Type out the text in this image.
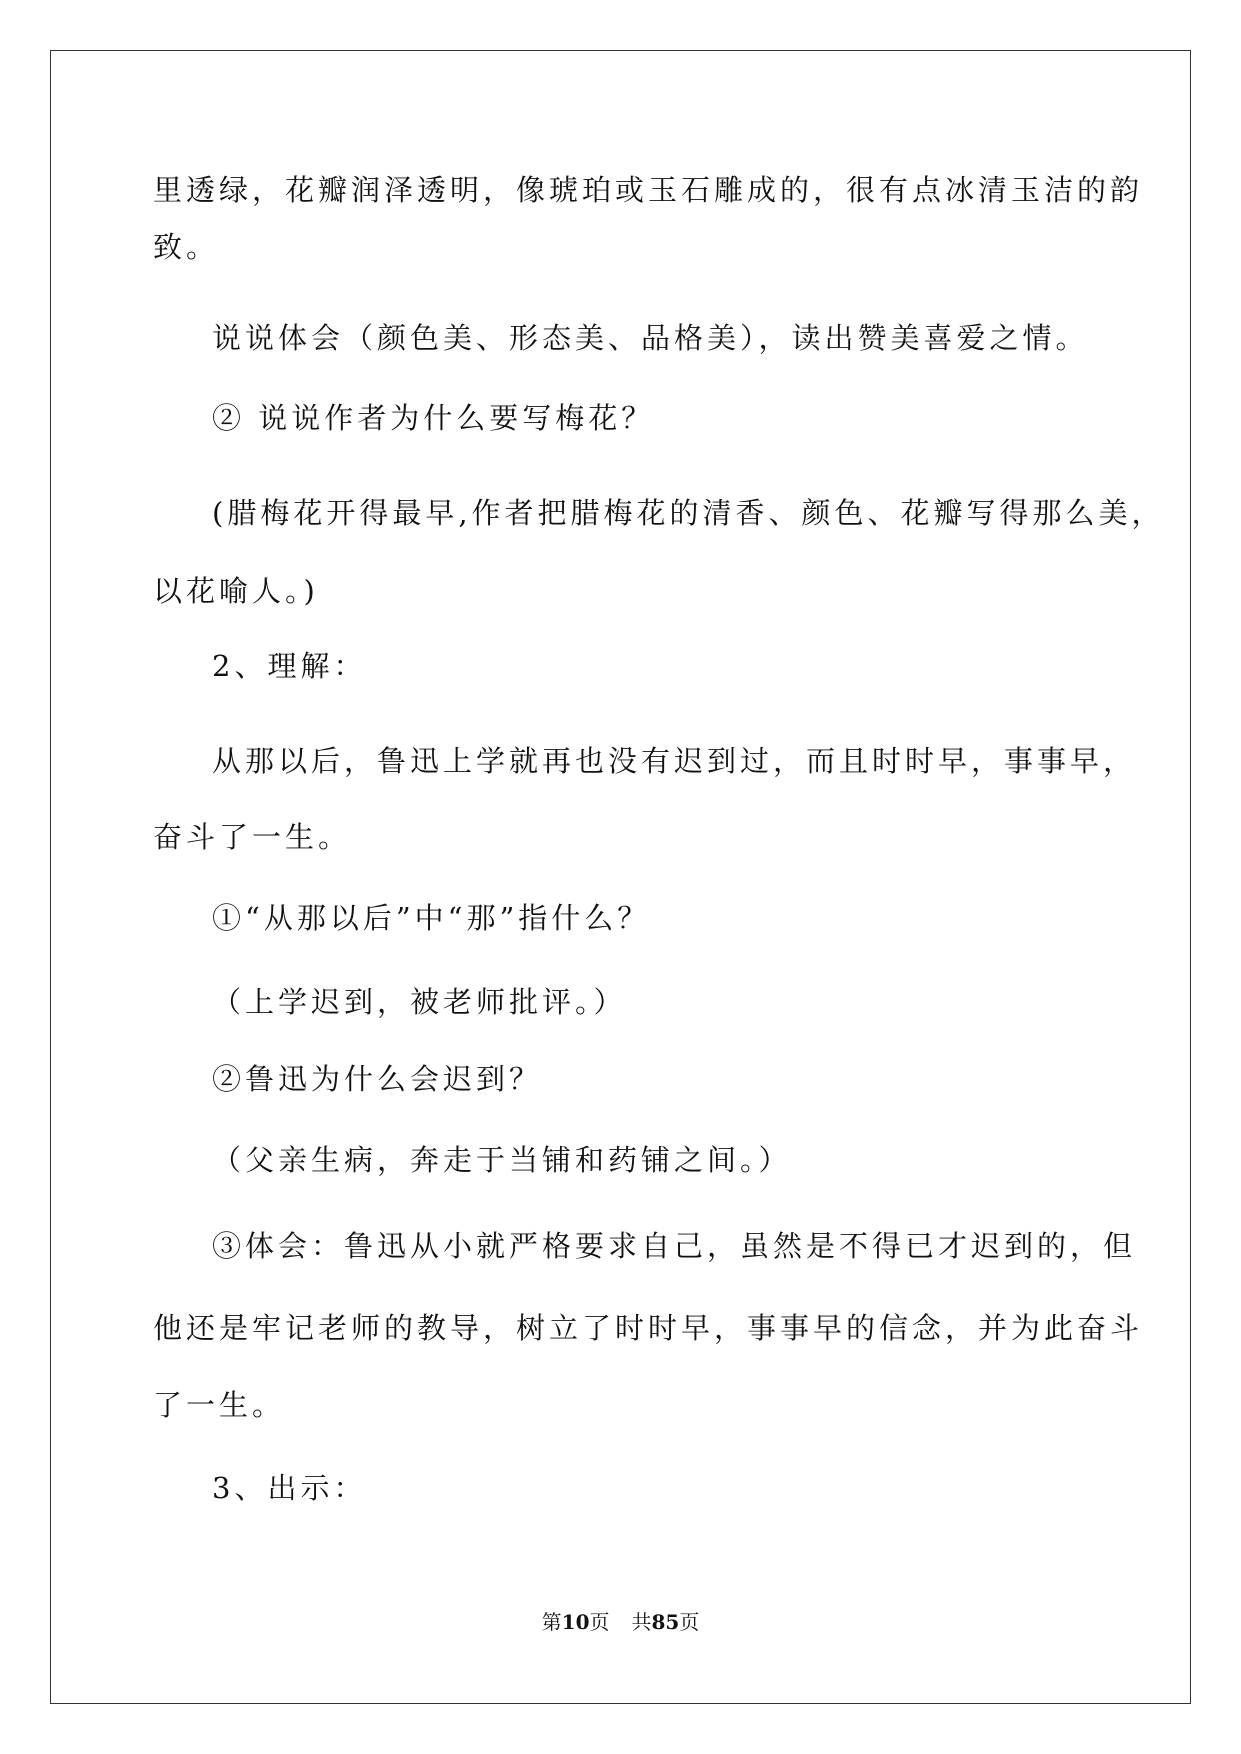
里透绿，花瓣润泽透明，像琥珀或玉石雕成的，很有点冰清玉洁的韵
致。
说说体会（颜色美、形态美、品格美），读出赞美喜爱之情。
② 说说作者为什么要写梅花？
(腊梅花开得最早,作者把腊梅花的清香、颜色、花瓣写得那么美，
以花喻人。)
2、理解：
从那以后，鲁迅上学就再也没有迟到过，而且时时早，事事早，
奋斗了一生。
①“从那以后”中“那”指什么？
（上学迟到，被老师批评。）
②鲁迅为什么会迟到？
（父亲生病，奔走于当铺和药铺之间。）
③体会：鲁迅从小就严格要求自己，虽然是不得已才迟到的，但
他还是牢记老师的教导，树立了时时早，事事早的信念，并为此奋斗
了一生。
3、出示：
第10页 共85页
